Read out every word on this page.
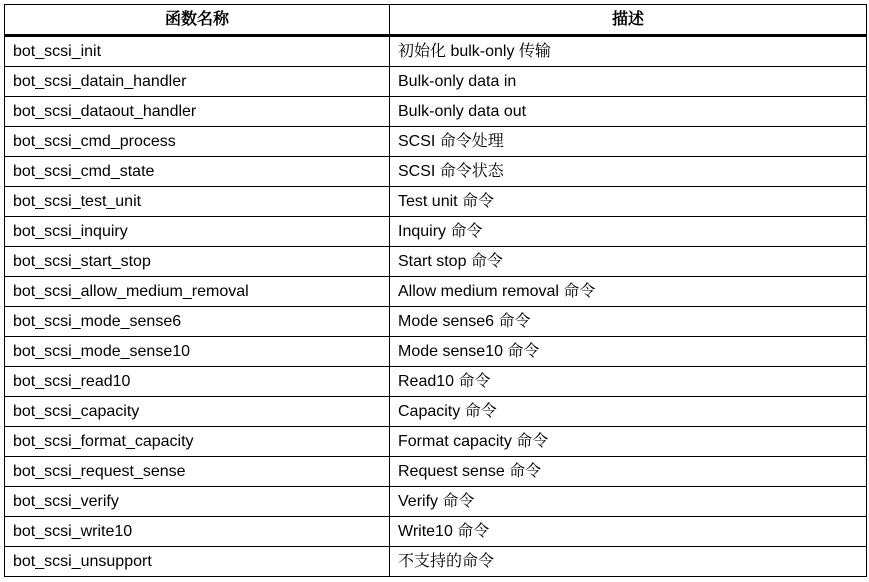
函数名称	描述
bot_scsi_init	初始化 bulk-only 传输
bot_scsi_datain_handler	Bulk-only data in
bot_scsi_dataout_handler	Bulk-only data out
bot_scsi_cmd_process	SCSI 命令处理
bot_scsi_cmd_state	SCSI 命令状态
bot_scsi_test_unit	Test unit 命令
bot_scsi_inquiry	Inquiry 命令
bot_scsi_start_stop	Start stop 命令
bot_scsi_allow_medium_removal	Allow medium removal 命令
bot_scsi_mode_sense6	Mode sense6 命令
bot_scsi_mode_sense10	Mode sense10 命令
bot_scsi_read10	Read10 命令
bot_scsi_capacity	Capacity 命令
bot_scsi_format_capacity	Format capacity 命令
bot_scsi_request_sense	Request sense 命令
bot_scsi_verify	Verify 命令
bot_scsi_write10	Write10 命令
bot_scsi_unsupport	不支持的命令
